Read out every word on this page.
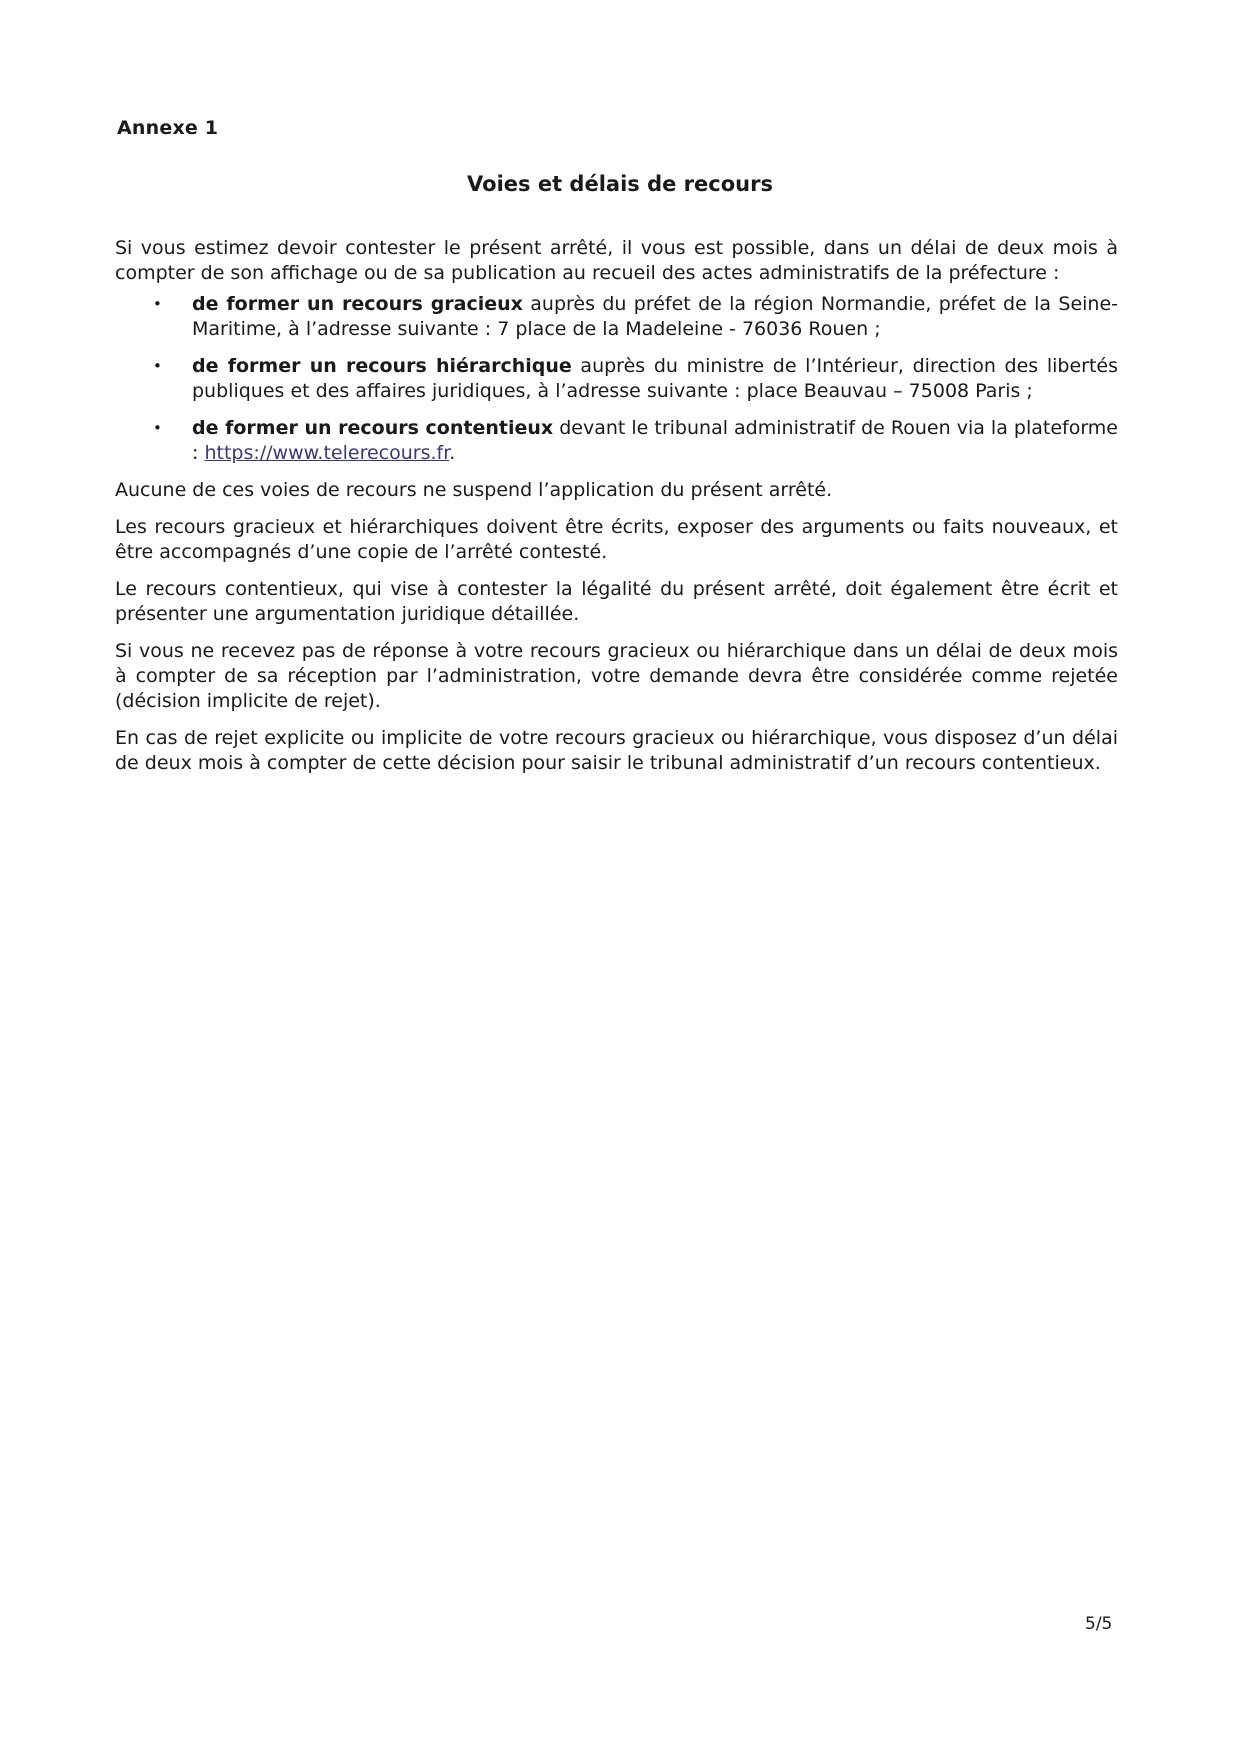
Annexe 1
Voies et délais de recours

Si vous estimez devoir contester le présent arrêté, il vous est possible, dans un délai de deux mois à compter de son affichage ou de sa publication au recueil des actes administratifs de la préfecture :

• de former un recours gracieux auprès du préfet de la région Normandie, préfet de la Seine-Maritime, à l’adresse suivante : 7 place de la Madeleine - 76036 Rouen ;
• de former un recours hiérarchique auprès du ministre de l’Intérieur, direction des libertés publiques et des affaires juridiques, à l’adresse suivante : place Beauvau – 75008 Paris ;
• de former un recours contentieux devant le tribunal administratif de Rouen via la plateforme : https://www.telerecours.fr.

Aucune de ces voies de recours ne suspend l’application du présent arrêté.

Les recours gracieux et hiérarchiques doivent être écrits, exposer des arguments ou faits nouveaux, et être accompagnés d’une copie de l’arrêté contesté.

Le recours contentieux, qui vise à contester la légalité du présent arrêté, doit également être écrit et présenter une argumentation juridique détaillée.

Si vous ne recevez pas de réponse à votre recours gracieux ou hiérarchique dans un délai de deux mois à compter de sa réception par l’administration, votre demande devra être considérée comme rejetée (décision implicite de rejet).

En cas de rejet explicite ou implicite de votre recours gracieux ou hiérarchique, vous disposez d’un délai de deux mois à compter de cette décision pour saisir le tribunal administratif d’un recours contentieux.

5/5
